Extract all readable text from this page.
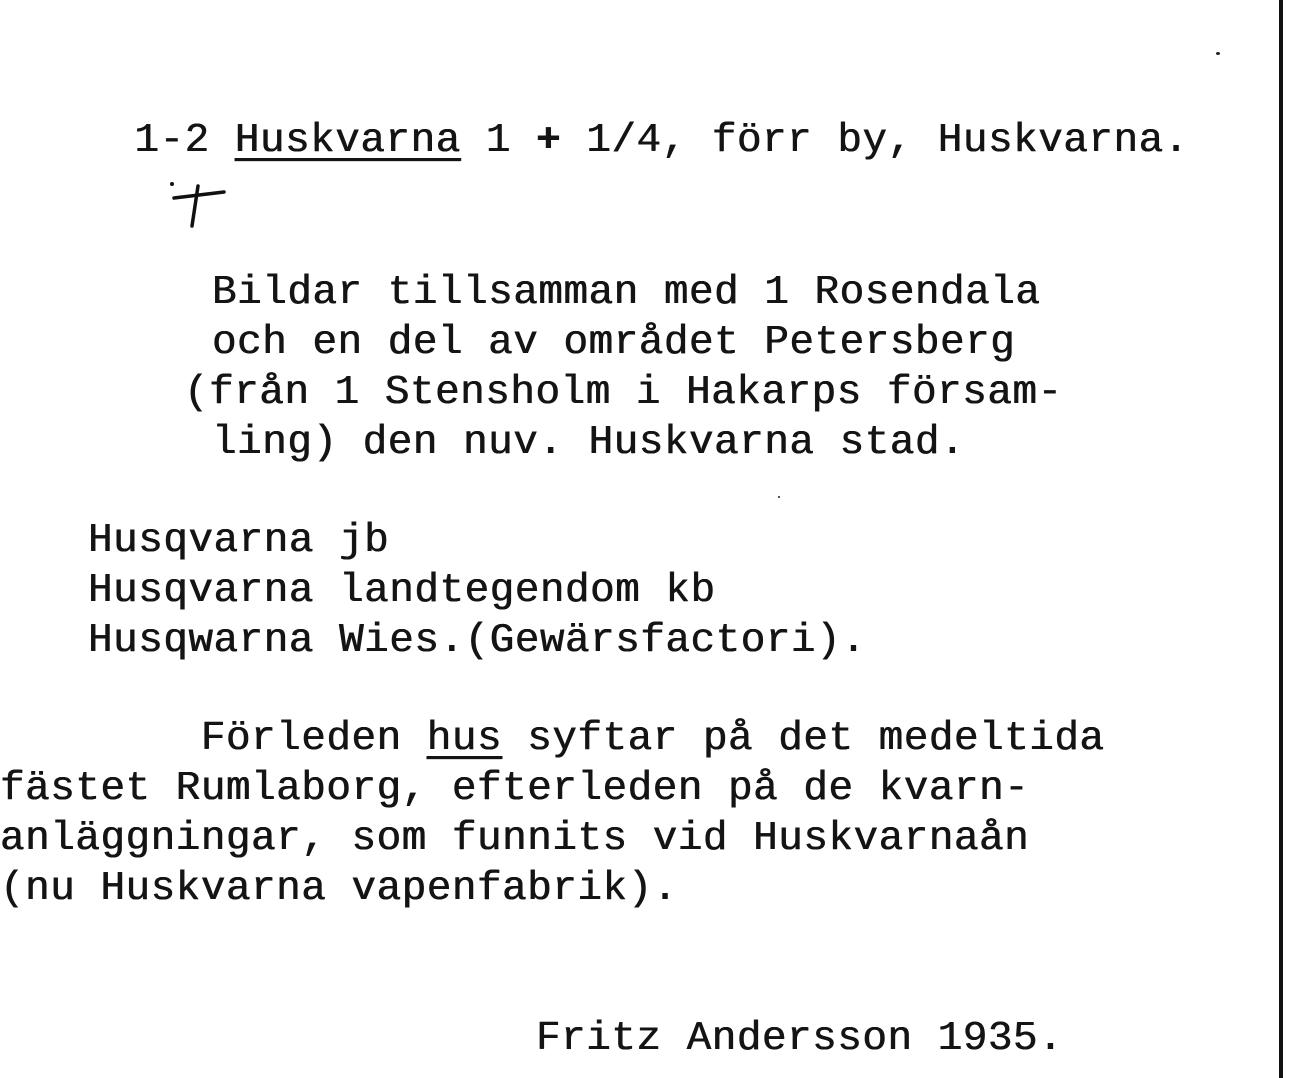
1-2 Huskvarna 1 + 1/4, förr by, Huskvarna.

Bildar tillsamman med 1 Rosendala
och en del av området Petersberg
(från 1 Stensholm i Hakarps försam-
ling) den nuv. Huskvarna stad.
Husqvarna jb
Husqvarna landtegendom kb
Husqwarna Wies.(Gewärsfactori).
Förleden hus syftar på det medeltida
fästet Rumlaborg, efterleden på de kvarn-
anläggningar, som funnits vid Huskvarnaån
(nu Huskvarna vapenfabrik).
Fritz Andersson 1935.
